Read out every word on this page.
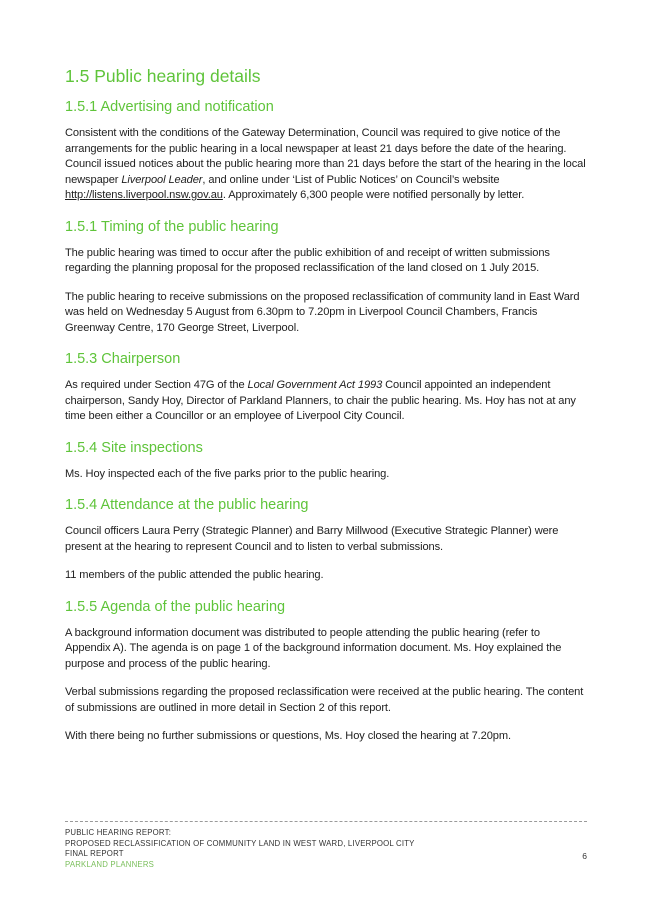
1.5 Public hearing details
1.5.1 Advertising and notification

Consistent with the conditions of the Gateway Determination, Council was required to give notice of the arrangements for the public hearing in a local newspaper at least 21 days before the date of the hearing. Council issued notices about the public hearing more than 21 days before the start of the hearing in the local newspaper Liverpool Leader, and online under ‘List of Public Notices’ on Council’s website http://listens.liverpool.nsw.gov.au. Approximately 6,300 people were notified personally by letter.

1.5.1 Timing of the public hearing

The public hearing was timed to occur after the public exhibition of and receipt of written submissions regarding the planning proposal for the proposed reclassification of the land closed on 1 July 2015.

The public hearing to receive submissions on the proposed reclassification of community land in East Ward was held on Wednesday 5 August from 6.30pm to 7.20pm in Liverpool Council Chambers, Francis Greenway Centre, 170 George Street, Liverpool.

1.5.3 Chairperson

As required under Section 47G of the Local Government Act 1993 Council appointed an independent chairperson, Sandy Hoy, Director of Parkland Planners, to chair the public hearing. Ms. Hoy has not at any time been either a Councillor or an employee of Liverpool City Council.

1.5.4 Site inspections

Ms. Hoy inspected each of the five parks prior to the public hearing.

1.5.4 Attendance at the public hearing

Council officers Laura Perry (Strategic Planner) and Barry Millwood (Executive Strategic Planner) were present at the hearing to represent Council and to listen to verbal submissions.

11 members of the public attended the public hearing.

1.5.5 Agenda of the public hearing

A background information document was distributed to people attending the public hearing (refer to Appendix A). The agenda is on page 1 of the background information document. Ms. Hoy explained the purpose and process of the public hearing.

Verbal submissions regarding the proposed reclassification were received at the public hearing. The content of submissions are outlined in more detail in Section 2 of this report.

With there being no further submissions or questions, Ms. Hoy closed the hearing at 7.20pm.

PUBLIC HEARING REPORT:
PROPOSED RECLASSIFICATION OF COMMUNITY LAND IN WEST WARD, LIVERPOOL CITY
FINAL REPORT
PARKLAND PLANNERS
6
